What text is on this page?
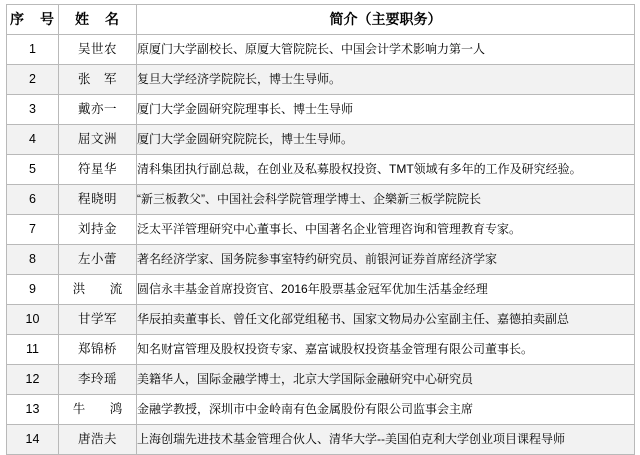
序　号	姓　名	简介（主要职务）
1	吴世农	原厦门大学副校长、原厦大管院院长、中国会计学术影响力第一人
2	张　军	复旦大学经济学院院长，博士生导师。
3	戴亦一	厦门大学金圆研究院理事长、博士生导师
4	屈文洲	厦门大学金圆研究院院长，博士生导师。
5	符星华	清科集团执行副总裁，在创业及私募股权投资、TMT领域有多年的工作及研究经验。
6	程晓明	“新三板教父”、中国社会科学院管理学博士、企樂新三板学院院长
7	刘持金	泛太平洋管理研究中心董事长、中国著名企业管理咨询和管理教育专家。
8	左小蕾	著名经济学家、国务院参事室特约研究员、前银河证券首席经济学家
9	洪　流	圆信永丰基金首席投资官、2016年股票基金冠军优加生活基金经理
10	甘学军	华辰拍卖董事长、曾任文化部党组秘书、国家文物局办公室副主任、嘉德拍卖副总
11	郑锦桥	知名财富管理及股权投资专家、嘉富诚股权投资基金管理有限公司董事长。
12	李玲瑶	美籍华人，国际金融学博士，北京大学国际金融研究中心研究员
13	牛　鸿	金融学教授，深圳市中金岭南有色金属股份有限公司监事会主席
14	唐浩夫	上海创瑞先进技术基金管理合伙人、清华大学--美国伯克利大学创业项目课程导师
